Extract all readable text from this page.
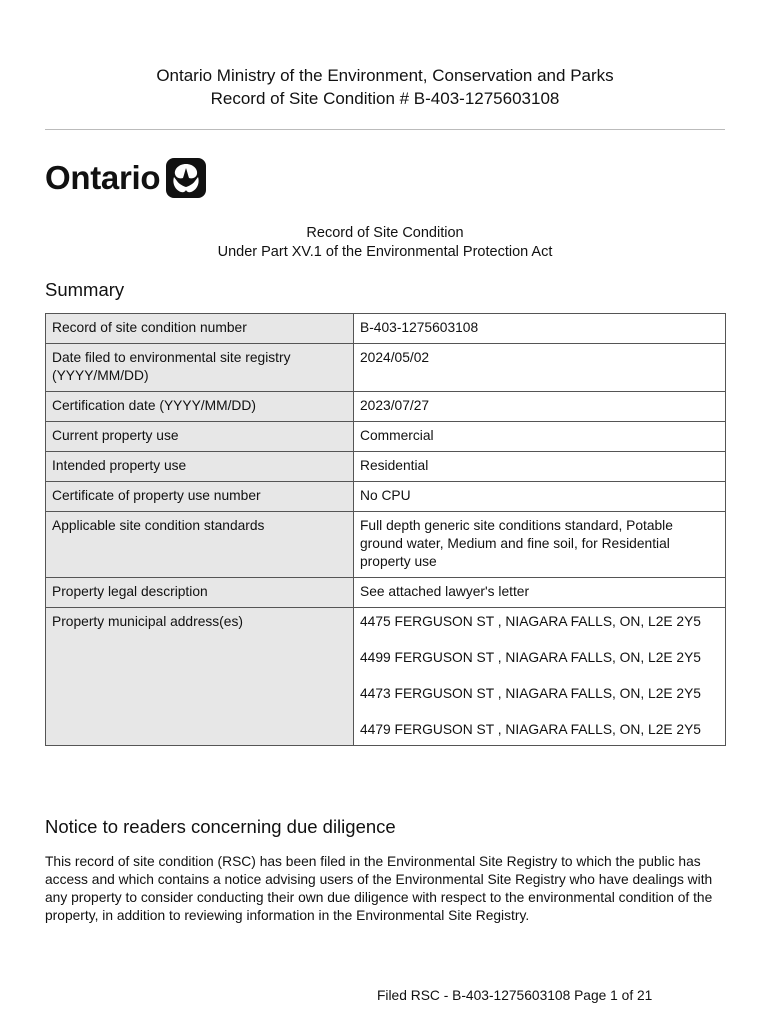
Ontario Ministry of the Environment, Conservation and Parks
Record of Site Condition # B-403-1275603108
Ontario
Record of Site Condition
Under Part XV.1 of the Environmental Protection Act
Summary
Record of site condition number	B-403-1275603108
Date filed to environmental site registry (YYYY/MM/DD)	2024/05/02
Certification date (YYYY/MM/DD)	2023/07/27
Current property use	Commercial
Intended property use	Residential
Certificate of property use number	No CPU
Applicable site condition standards	Full depth generic site conditions standard, Potable ground water, Medium and fine soil, for Residential property use
Property legal description	See attached lawyer's letter
Property municipal address(es)	4475 FERGUSON ST , NIAGARA FALLS, ON, L2E 2Y5
4499 FERGUSON ST , NIAGARA FALLS, ON, L2E 2Y5
4473 FERGUSON ST , NIAGARA FALLS, ON, L2E 2Y5
4479 FERGUSON ST , NIAGARA FALLS, ON, L2E 2Y5
Notice to readers concerning due diligence
This record of site condition (RSC) has been filed in the Environmental Site Registry to which the public has access and which contains a notice advising users of the Environmental Site Registry who have dealings with any property to consider conducting their own due diligence with respect to the environmental condition of the property, in addition to reviewing information in the Environmental Site Registry.
Filed RSC - B-403-1275603108 Page 1 of 21
